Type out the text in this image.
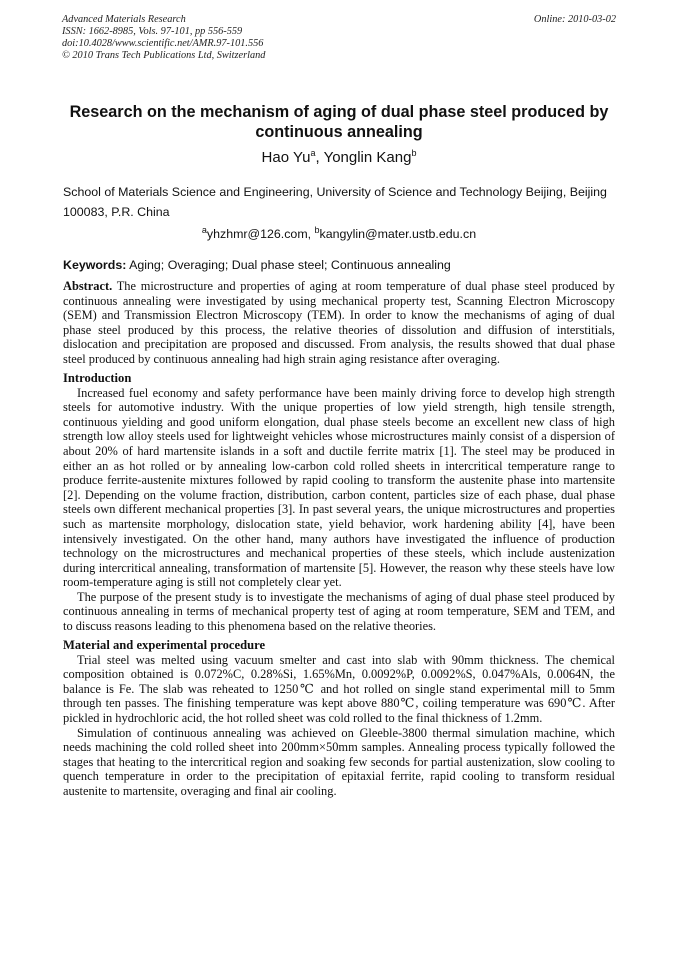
Advanced Materials Research
ISSN: 1662-8985, Vols. 97-101, pp 556-559
doi:10.4028/www.scientific.net/AMR.97-101.556
© 2010 Trans Tech Publications Ltd, Switzerland
Online: 2010-03-02
Research on the mechanism of aging of dual phase steel produced by continuous annealing
Hao Yu$^a$, Yonglin Kang$^b$
School of Materials Science and Engineering, University of Science and Technology Beijing, Beijing 100083, P.R. China
$^a$yhzhmr@126.com, $^b$kangylin@mater.ustb.edu.cn
Keywords: Aging; Overaging; Dual phase steel; Continuous annealing

Abstract. The microstructure and properties of aging at room temperature of dual phase steel produced by continuous annealing were investigated by using mechanical property test, Scanning Electron Microscopy (SEM) and Transmission Electron Microscopy (TEM). In order to know the mechanisms of aging of dual phase steel produced by this process, the relative theories of dissolution and diffusion of interstitials, dislocation and precipitation are proposed and discussed. From analysis, the results showed that dual phase steel produced by continuous annealing had high strain aging resistance after overaging.

Introduction

Increased fuel economy and safety performance have been mainly driving force to develop high strength steels for automotive industry. With the unique properties of low yield strength, high tensile strength, continuous yielding and good uniform elongation, dual phase steels become an excellent new class of high strength low alloy steels used for lightweight vehicles whose microstructures mainly consist of a dispersion of about 20% of hard martensite islands in a soft and ductile ferrite matrix [1]. The steel may be produced in either an as hot rolled or by annealing low-carbon cold rolled sheets in intercritical temperature range to produce ferrite-austenite mixtures followed by rapid cooling to transform the austenite phase into martensite [2]. Depending on the volume fraction, distribution, carbon content, particles size of each phase, dual phase steels own different mechanical properties [3]. In past several years, the unique microstructures and properties such as martensite morphology, dislocation state, yield behavior, work hardening ability [4], have been intensively investigated. On the other hand, many authors have investigated the influence of production technology on the microstructures and mechanical properties of these steels, which include austenization during intercritical annealing, transformation of martensite [5]. However, the reason why these steels have low room-temperature aging is still not completely clear yet.

The purpose of the present study is to investigate the mechanisms of aging of dual phase steel produced by continuous annealing in terms of mechanical property test of aging at room temperature, SEM and TEM, and to discuss reasons leading to this phenomena based on the relative theories.

Material and experimental procedure

Trial steel was melted using vacuum smelter and cast into slab with 90mm thickness. The chemical composition obtained is 0.072%C, 0.28%Si, 1.65%Mn, 0.0092%P, 0.0092%S, 0.047%Als, 0.0064N, the balance is Fe. The slab was reheated to 1250℃ and hot rolled on single stand experimental mill to 5mm through ten passes. The finishing temperature was kept above 880℃, coiling temperature was 690℃. After pickled in hydrochloric acid, the hot rolled sheet was cold rolled to the final thickness of 1.2mm.

Simulation of continuous annealing was achieved on Gleeble-3800 thermal simulation machine, which needs machining the cold rolled sheet into 200mm×50mm samples. Annealing process typically followed the stages that heating to the intercritical region and soaking few seconds for partial austenization, slow cooling to quench temperature in order to the precipitation of epitaxial ferrite, rapid cooling to transform residual austenite to martensite, overaging and final air cooling.
